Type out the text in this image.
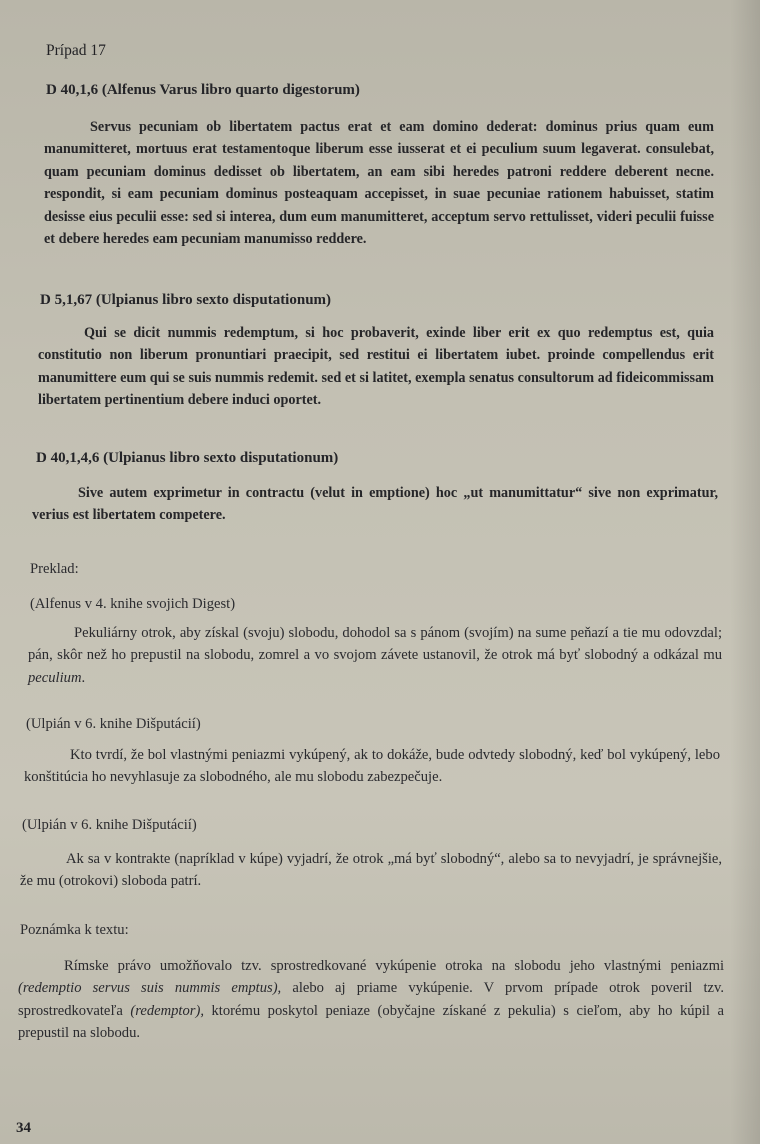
Prípad 17
D 40,1,6 (Alfenus Varus libro quarto digestorum)

Servus pecuniam ob libertatem pactus erat et eam domino dederat: dominus prius quam eum manumitteret, mortuus erat testamentoque liberum esse iusserat et ei peculium suum legaverat. consulebat, quam pecuniam dominus dedisset ob libertatem, an eam sibi heredes patroni reddere deberent necne. respondit, si eam pecuniam dominus posteaquam accepisset, in suae pecuniae rationem habuisset, statim desisse eius peculii esse: sed si interea, dum eum manumitteret, acceptum servo rettulisset, videri peculii fuisse et debere heredes eam pecuniam manumisso reddere.

D 5,1,67 (Ulpianus libro sexto disputationum)

Qui se dicit nummis redemptum, si hoc probaverit, exinde liber erit ex quo redemptus est, quia constitutio non liberum pronuntiari praecipit, sed restitui ei libertatem iubet. proinde compellendus erit manumittere eum qui se suis nummis redemit. sed et si latitet, exempla senatus consultorum ad fideicommissam libertatem pertinentium debere induci oportet.

D 40,1,4,6 (Ulpianus libro sexto disputationum)

Sive autem exprimetur in contractu (velut in emptione) hoc „ut manumittatur“ sive non exprimatur, verius est libertatem competere.

Preklad:
(Alfenus v 4. knihe svojich Digest)

Pekuliárny otrok, aby získal (svoju) slobodu, dohodol sa s pánom (svojím) na sume peňazí a tie mu odovzdal; pán, skôr než ho prepustil na slobodu, zomrel a vo svojom závete ustanovil, že otrok má byť slobodný a odkázal mu peculium.

(Ulpián v 6. knihe Dišputácií)

Kto tvrdí, že bol vlastnými peniazmi vykúpený, ak to dokáže, bude odvtedy slobodný, keď bol vykúpený, lebo konštitúcia ho nevyhlasuje za slobodného, ale mu slobodu zabezpečuje.

(Ulpián v 6. knihe Dišputácií)

Ak sa v kontrakte (napríklad v kúpe) vyjadrí, že otrok „má byť slobodný“, alebo sa to nevyjadrí, je správnejšie, že mu (otrokovi) sloboda patrí.

Poznámka k textu:

Rímske právo umožňovalo tzv. sprostredkované vykúpenie otroka na slobodu jeho vlastnými peniazmi (redemptio servus suis nummis emptus), alebo aj priame vykúpenie. V prvom prípade otrok poveril tzv. sprostredkovateľa (redemptor), ktorému poskytol peniaze (obyčajne získané z pekulia) s cieľom, aby ho kúpil a prepustil na slobodu.

34
